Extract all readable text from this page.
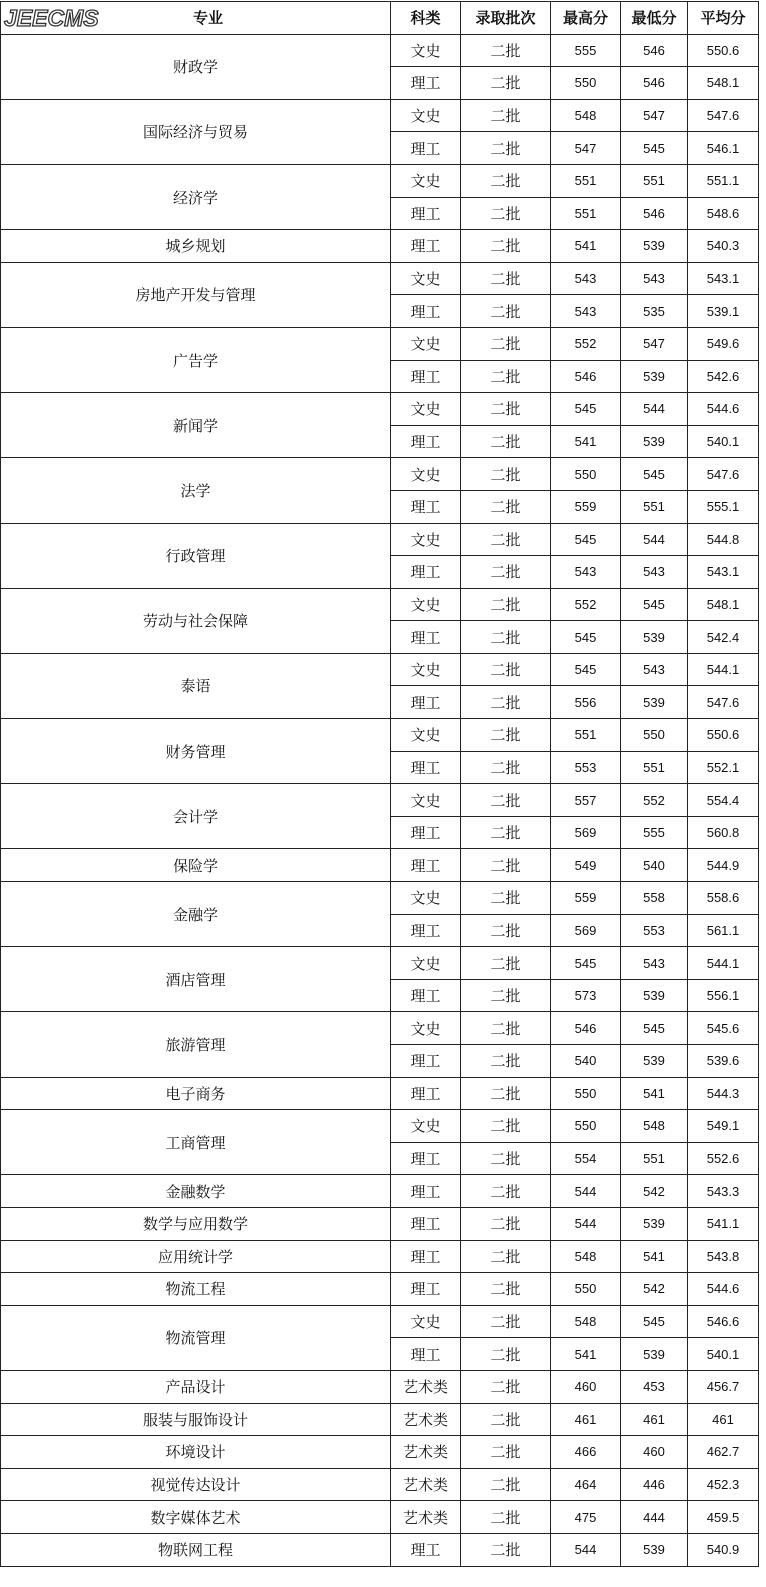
JEECMS 专业	科类	录取批次	最高分	最低分	平均分
财政学	文史	二批	555	546	550.6
	理工	二批	550	546	548.1
国际经济与贸易	文史	二批	548	547	547.6
	理工	二批	547	545	546.1
经济学	文史	二批	551	551	551.1
	理工	二批	551	546	548.6
城乡规划	理工	二批	541	539	540.3
房地产开发与管理	文史	二批	543	543	543.1
	理工	二批	543	535	539.1
广告学	文史	二批	552	547	549.6
	理工	二批	546	539	542.6
新闻学	文史	二批	545	544	544.6
	理工	二批	541	539	540.1
法学	文史	二批	550	545	547.6
	理工	二批	559	551	555.1
行政管理	文史	二批	545	544	544.8
	理工	二批	543	543	543.1
劳动与社会保障	文史	二批	552	545	548.1
	理工	二批	545	539	542.4
泰语	文史	二批	545	543	544.1
	理工	二批	556	539	547.6
财务管理	文史	二批	551	550	550.6
	理工	二批	553	551	552.1
会计学	文史	二批	557	552	554.4
	理工	二批	569	555	560.8
保险学	理工	二批	549	540	544.9
金融学	文史	二批	559	558	558.6
	理工	二批	569	553	561.1
酒店管理	文史	二批	545	543	544.1
	理工	二批	573	539	556.1
旅游管理	文史	二批	546	545	545.6
	理工	二批	540	539	539.6
电子商务	理工	二批	550	541	544.3
工商管理	文史	二批	550	548	549.1
	理工	二批	554	551	552.6
金融数学	理工	二批	544	542	543.3
数学与应用数学	理工	二批	544	539	541.1
应用统计学	理工	二批	548	541	543.8
物流工程	理工	二批	550	542	544.6
物流管理	文史	二批	548	545	546.6
	理工	二批	541	539	540.1
产品设计	艺术类	二批	460	453	456.7
服装与服饰设计	艺术类	二批	461	461	461
环境设计	艺术类	二批	466	460	462.7
视觉传达设计	艺术类	二批	464	446	452.3
数字媒体艺术	艺术类	二批	475	444	459.5
物联网工程	理工	二批	544	539	540.9
